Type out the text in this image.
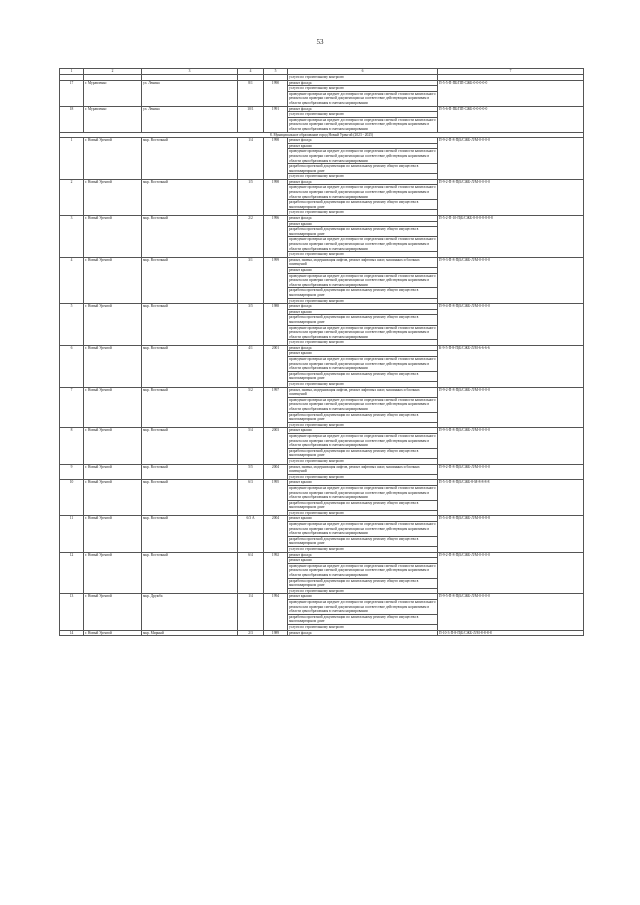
53
1	2	3	4	5	6	7
					услуги по строительному контролю	
17	г. Муравленко	ул. Ленина	8/1	1990	ремонт фасада	П-5-5-П-ПБ/ПП-СЖБ-0-0-0-0-0
					услуги по строительному контролю	
					проведение проверки на предмет достоверности определения сметной стоимости капитального ремонта или проверки сметной документации на соответствие действующим нормативам в области ценообразования в сметном нормировании	
18	г. Муравленко	ул. Ленина	10/1	1991	ремонт фасада	П-5-6-П-ПБ/ПП-СЖБ-0-0-0-0-0
					услуги по строительному контролю	
					проведение проверки на предмет достоверности определения сметной стоимости капитального ремонта или проверки сметной документации на соответствие действующим нормативам в области ценообразования в сметном нормировании	
8. Муниципальное образование город Новый Уренгой (2023 - 2025)						
1	г. Новый Уренгой	мкр. Восточный	1/4	1998	ремонт фасада	П-9-2-П-8-П(Б/СЖБ-Л/М-0-0-0-0
					ремонт крыши	
					проведение проверки на предмет достоверности определения сметной стоимости капитального ремонта или проверки сметной документации на соответствие действующим нормативам в области ценообразования в сметном нормировании	
					разработка проектной документации по капитальному ремонту общего имущества в многоквартирном доме	
					услуги по строительному контролю	
2	г. Новый Уренгой	мкр. Восточный	1/5	1998	ремонт фасада	П-9-2-П-8-П(Б/СЖБ-Л/М-0-0-0-0
					проведение проверки на предмет достоверности определения сметной стоимости капитального ремонта или проверки сметной документации на соответствие действующим нормативам в области ценообразования в сметном нормировании	
					разработка проектной документации по капитальному ремонту общего имущества в многоквартирном доме	
					услуги по строительному контролю	
3	г. Новый Уренгой	мкр. Восточный	2/2	1996	ремонт фасада	П-5-2-П-10-П(Б/СЖБ-8-8-8-8-8-8-8
					ремонт крыши	
					разработка проектной документации по капитальному ремонту общего имущества в многоквартирном доме	
					проведение проверки на предмет достоверности определения сметной стоимости капитального ремонта или проверки сметной документации на соответствие действующим нормативам в области ценообразования в сметном нормировании	
					услуги по строительному контролю	
4	г. Новый Уренгой	мкр. Восточный	3/1	1999	ремонт, замена, модернизация лифтов, ремонт лифтовых шахт, машинных и блочных помещений	П-9-3-П-8-П(Б/СЖБ-Л/М-0-0-0-0
					ремонт крыши	
					проведение проверки на предмет достоверности определения сметной стоимости капитального ремонта или проверки сметной документации на соответствие действующим нормативам в области ценообразования в сметном нормировании	
					разработка проектной документации по капитальному ремонту общего имущества в многоквартирном доме	
					услуги по строительному контролю	
5	г. Новый Уренгой	мкр. Восточный	3/5	1988	ремонт фасада	П-9-4-П-8-П(Б/СЖБ-Л/М-0-0-0-0
					ремонт крыши	
					разработка проектной документации по капитальному ремонту общего имущества в многоквартирном доме	
					проведение проверки на предмет достоверности определения сметной стоимости капитального ремонта или проверки сметной документации на соответствие действующим нормативам в области ценообразования в сметном нормировании	
					услуги по строительному контролю	
6	г. Новый Уренгой	мкр. Восточный	4/1	2001	ремонт фасада	К-9-5-П-8-П(Б/СЖБ-Л/М-6-6-6-6
					ремонт крыши	
					проведение проверки на предмет достоверности определения сметной стоимости капитального ремонта или проверки сметной документации на соответствие действующим нормативам в области ценообразования в сметном нормировании	
					разработка проектной документации по капитальному ремонту общего имущества в многоквартирном доме	
					услуги по строительному контролю	
7	г. Новый Уренгой	мкр. Восточный	5/2	1997	ремонт, замена, модернизация лифтов, ремонт лифтовых шахт, машинных и блочных помещений	П-9-2-П-8-П(Б/СЖБ-Л/М-0-0-0-0
					проведение проверки на предмет достоверности определения сметной стоимости капитального ремонта или проверки сметной документации на соответствие действующим нормативам в области ценообразования в сметном нормировании	
					разработка проектной документации по капитальному ремонту общего имущества в многоквартирном доме	
					услуги по строительному контролю	
8	г. Новый Уренгой	мкр. Восточный	5/4	2003	ремонт крыши	П-9-3-П-8-П(Б/СЖБ-Л/М-0-0-0-0
					проведение проверки на предмет достоверности определения сметной стоимости капитального ремонта или проверки сметной документации на соответствие действующим нормативам в области ценообразования в сметном нормировании	
					разработка проектной документации по капитальному ремонту общего имущества в многоквартирном доме	
					услуги по строительному контролю	
9	г. Новый Уренгой	мкр. Восточный	5/5	2004	ремонт, замена, модернизация лифтов, ремонт лифтовых шахт, машинных и блочных помещений	П-9-2-П-8-П(Б/СЖБ-Л/М-0-0-0-0
					услуги по строительному контролю	
10	г. Новый Уренгой	мкр. Восточный	6/3	1995	ремонт крыши	П-5-3-П-8-П(Б/СЖБ-8-М-8-8-8-8
					проведение проверки на предмет достоверности определения сметной стоимости капитального ремонта или проверки сметной документации на соответствие действующим нормативам в области ценообразования в сметном нормировании	
					разработка проектной документации по капитальному ремонту общего имущества в многоквартирном доме	
					услуги по строительному контролю	
11	г. Новый Уренгой	мкр. Восточный	6/3 А	2004	ремонт крыши	П-5-4-П-8-П(Б/СЖБ-Л/М-8-8-8-8
					проведение проверки на предмет достоверности определения сметной стоимости капитального ремонта или проверки сметной документации на соответствие действующим нормативам в области ценообразования в сметном нормировании	
					разработка проектной документации по капитальному ремонту общего имущества в многоквартирном доме	
					услуги по строительному контролю	
12	г. Новый Уренгой	мкр. Восточный	6/4	1992	ремонт фасада	П-9-2-П-8-П(Б/СЖБ-Л/М-0-0-0-0
					ремонт крыши	
					проведение проверки на предмет достоверности определения сметной стоимости капитального ремонта или проверки сметной документации на соответствие действующим нормативам в области ценообразования в сметном нормировании	
					разработка проектной документации по капитальному ремонту общего имущества в многоквартирном доме	
					услуги по строительному контролю	
13	г. Новый Уренгой	мкр. Дружба	1/4	1994	ремонт крыши	П-9-5-П-8-П(Б/СЖБ-Л/М-0-0-0-0
					проведение проверки на предмет достоверности определения сметной стоимости капитального ремонта или проверки сметной документации на соответствие действующим нормативам в области ценообразования в сметном нормировании	
					разработка проектной документации по капитальному ремонту общего имущества в многоквартирном доме	
					услуги по строительному контролю	
14	г. Новый Уренгой	мкр. Мирный	2/3	1989	ремонт фасада	П-10-3-П-8-П(Б/СЖБ-Л/М-8-8-8-8
